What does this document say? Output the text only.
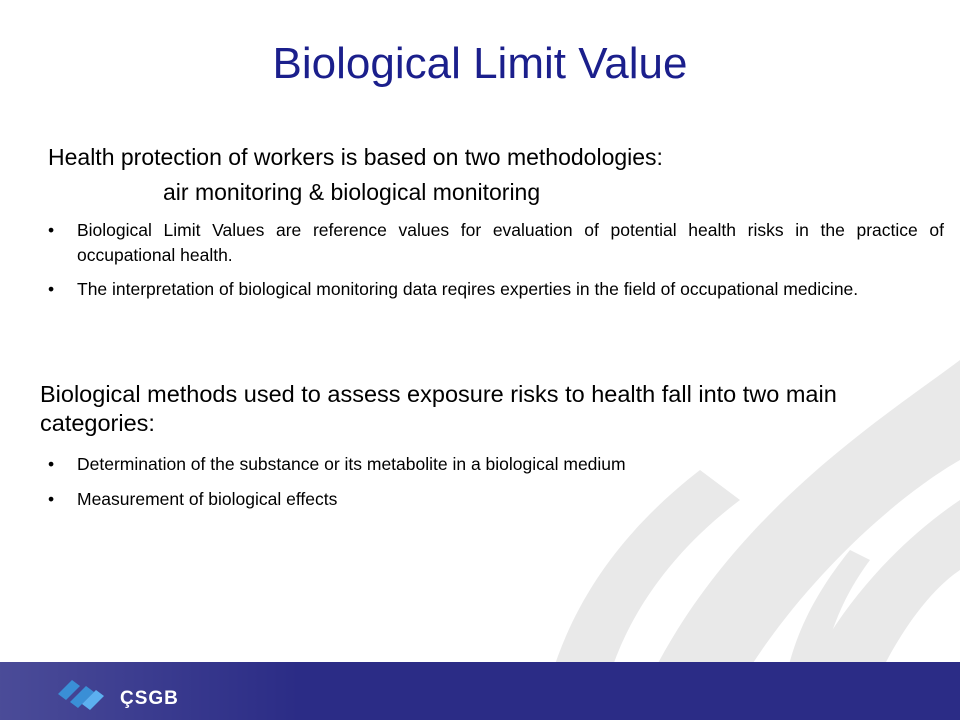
Biological Limit Value
Health protection of workers is based on two methodologies:
air monitoring & biological monitoring
• Biological Limit Values are reference values for evaluation of potential health risks in the practice of occupational health.
• The interpretation of biological monitoring data reqires experties in the field of occupational medicine.
Biological methods used to assess exposure risks to health fall into two main categories:
• Determination of the substance or its metabolite in a biological medium
• Measurement of biological effects
ÇSGB
